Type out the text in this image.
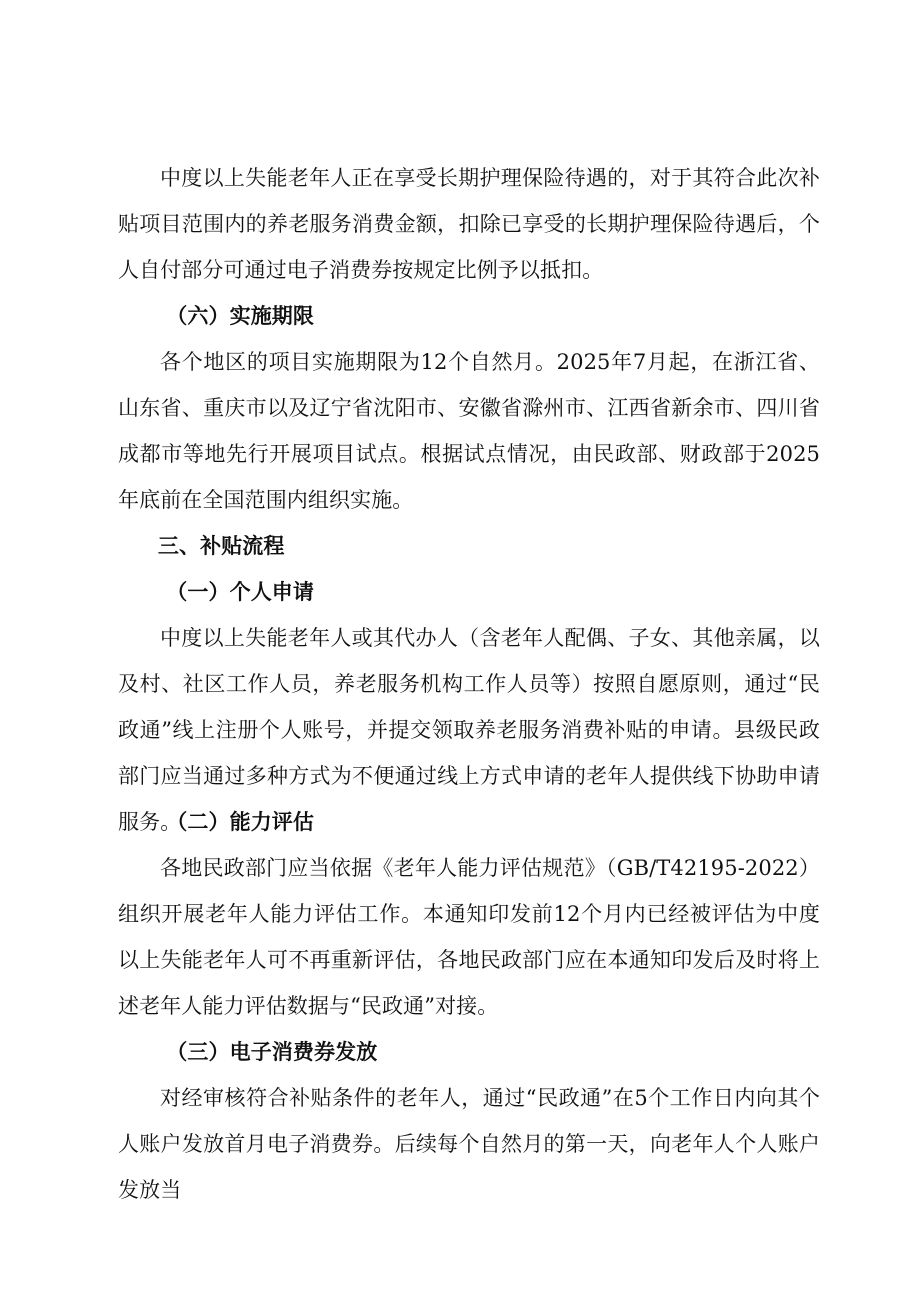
中度以上失能老年人正在享受长期护理保险待遇的，对于其符合此次补贴项目范围内的养老服务消费金额，扣除已享受的长期护理保险待遇后，个人自付部分可通过电子消费券按规定比例予以抵扣。

（六）实施期限

各个地区的项目实施期限为12个自然月。2025年7月起，在浙江省、山东省、重庆市以及辽宁省沈阳市、安徽省滁州市、江西省新余市、四川省成都市等地先行开展项目试点。根据试点情况，由民政部、财政部于2025年底前在全国范围内组织实施。

三、补贴流程

（一）个人申请

中度以上失能老年人或其代办人（含老年人配偶、子女、其他亲属，以及村、社区工作人员，养老服务机构工作人员等）按照自愿原则，通过“民政通”线上注册个人账号，并提交领取养老服务消费补贴的申请。县级民政部门应当通过多种方式为不便通过线上方式申请的老年人提供线下协助申请服务。

（二）能力评估

各地民政部门应当依据《老年人能力评估规范》（GB/T42195-2022）组织开展老年人能力评估工作。本通知印发前12个月内已经被评估为中度以上失能老年人可不再重新评估，各地民政部门应在本通知印发后及时将上述老年人能力评估数据与“民政通”对接。

（三）电子消费券发放

对经审核符合补贴条件的老年人，通过“民政通”在5个工作日内向其个人账户发放首月电子消费券。后续每个自然月的第一天，向老年人个人账户发放当
